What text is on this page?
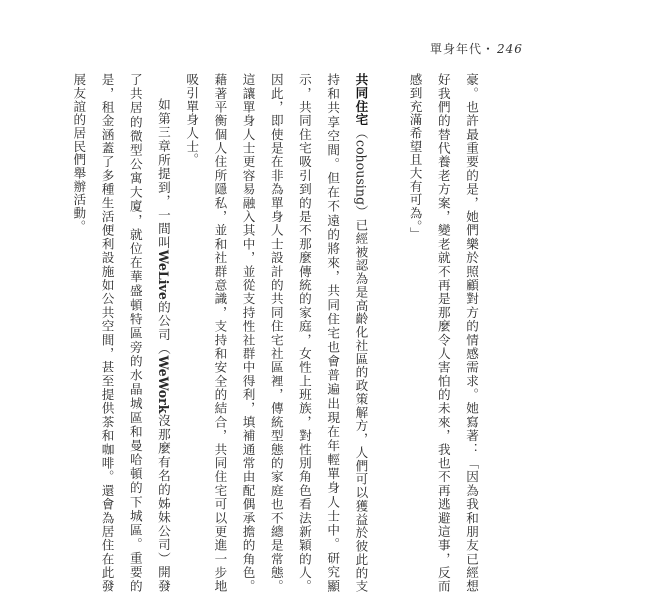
單身年代・ 246

豪。也許最重要的是，她們樂於照顧對方的情感需求。她寫著：「因為我和朋友已經想好我們的替代養老方案，變老就不再是那麼令人害怕的未來，我也不再逃避這事，反而感到充滿希望且大有可為。」

共同住宅（cohousing）已經被認為是高齡化社區的政策解方，人們可以獲益於彼此的支持和共享空間。但在不遠的將來，共同住宅也會普遍出現在年輕單身人士中。研究顯示，共同住宅吸引到的是不那麼傳統的家庭，女性上班族，對性別角色看法新穎的人。因此，即使是在非為單身人士設計的共同住宅社區裡，傳統型態的家庭也不總是常態。這讓單身人士更容易融入其中，並從支持性社群中得利，填補通常由配偶承擔的角色。藉著平衡個人住所隱私，並和社群意識，支持和安全的結合，共同住宅可以更進一步地吸引單身人士。

如第三章所提到，一間叫WeLive的公司（WeWork沒那麼有名的姊妹公司）開發了共居的微型公寓大廈，就位在華盛頓特區旁的水晶城區和曼哈頓的下城區。重要的是，租金涵蓋了多種生活便利設施如公共空間，甚至提供茶和咖啡。還會為居住在此發展友誼的居民們舉辦活動。
